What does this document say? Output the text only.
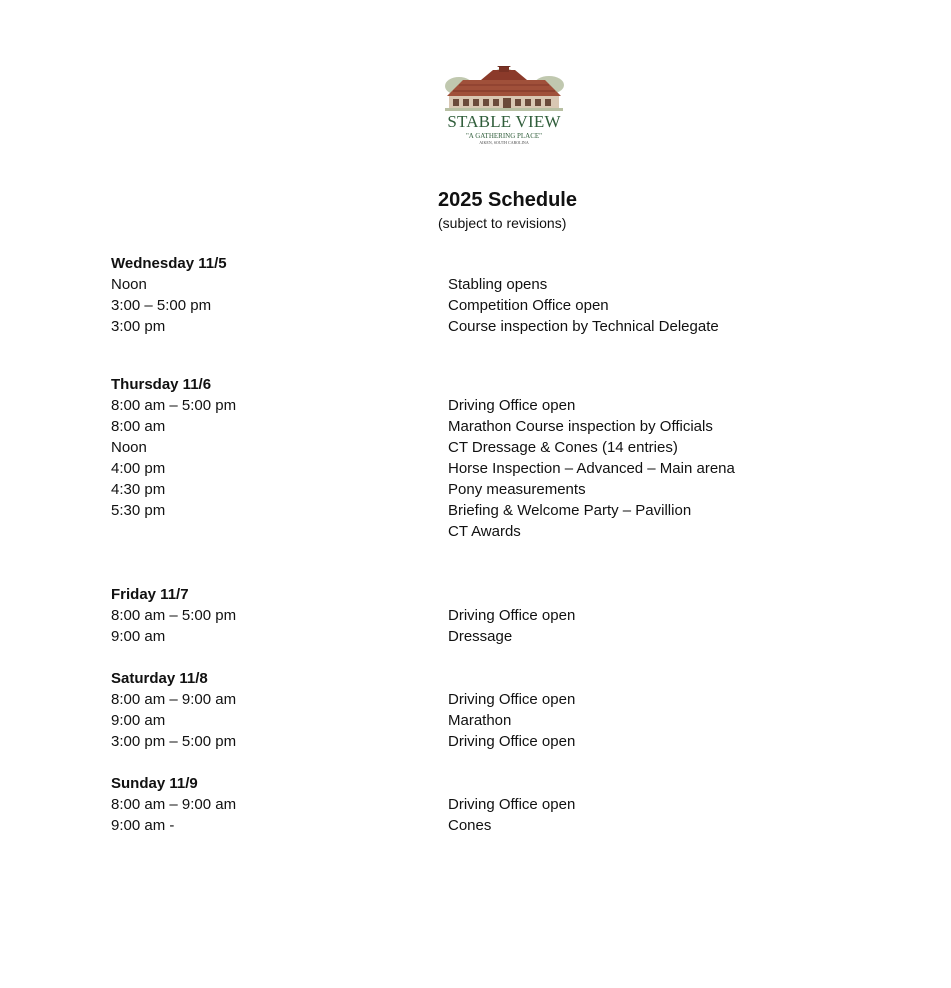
STABLE VIEW
"A GATHERING PLACE"
AIKEN, SOUTH CAROLINA
2025 Schedule
(subject to revisions)
Wednesday 11/5
Noon	Stabling opens
3:00 – 5:00 pm	Competition Office open
3:00 pm	Course inspection by Technical Delegate
Thursday 11/6
8:00 am – 5:00 pm	Driving Office open
8:00 am	Marathon Course inspection by Officials
Noon	CT Dressage & Cones (14 entries)
4:00 pm	Horse Inspection – Advanced – Main arena
4:30 pm	Pony measurements
5:30 pm	Briefing & Welcome Party – Pavillion
CT Awards
Friday 11/7
8:00 am – 5:00 pm	Driving Office open
9:00 am	Dressage
Saturday 11/8
8:00 am – 9:00 am	Driving Office open
9:00 am	Marathon
3:00 pm – 5:00 pm	Driving Office open
Sunday 11/9
8:00 am – 9:00 am	Driving Office open
9:00 am -	Cones
